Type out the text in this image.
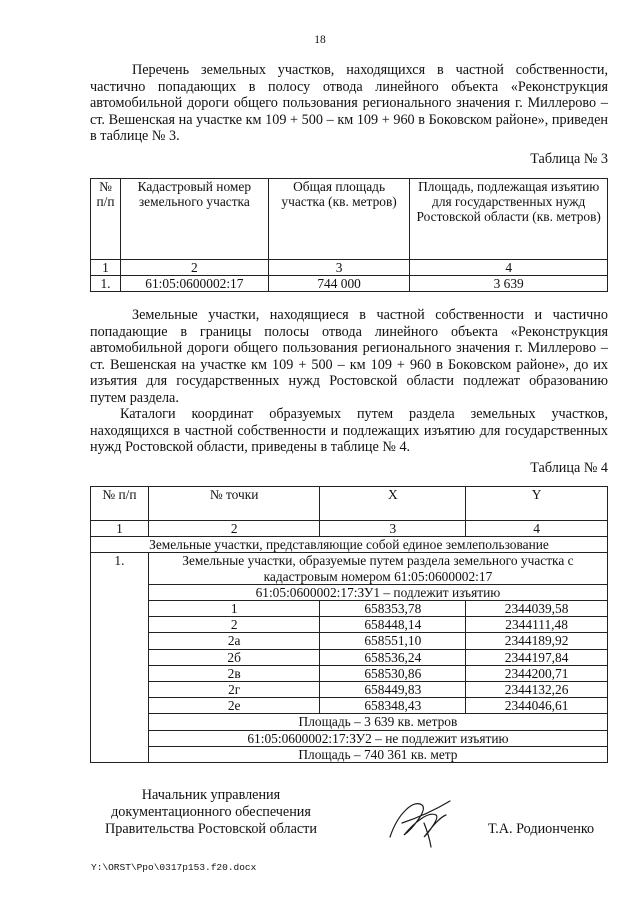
18

Перечень земельных участков, находящихся в частной собственности, частично попадающих в полосу отвода линейного объекта «Реконструкция автомобильной дороги общего пользования регионального значения г. Миллерово – ст. Вешенская на участке км 109 + 500 – км 109 + 960 в Боковском районе», приведен в таблице № 3.

Таблица № 3
№ п/п	Кадастровый номер земельного участка	Общая площадь участка (кв. метров)	Площадь, подлежащая изъятию для государственных нужд Ростовской области (кв. метров)
1	2	3	4
1.	61:05:0600002:17	744 000	3 639

Земельные участки, находящиеся в частной собственности и частично попадающие в границы полосы отвода линейного объекта «Реконструкция автомобильной дороги общего пользования регионального значения г. Миллерово – ст. Вешенская на участке км 109 + 500 – км 109 + 960 в Боковском районе», до их изъятия для государственных нужд Ростовской области подлежат образованию путем раздела.

Каталоги координат образуемых путем раздела земельных участков, находящихся в частной собственности и подлежащих изъятию для государственных нужд Ростовской области, приведены в таблице № 4.

Таблица № 4
№ п/п	№ точки	X	Y
1	2	3	4
Земельные участки, представляющие собой единое землепользование			
1.	Земельные участки, образуемые путем раздела земельного участка с кадастровым номером 61:05:0600002:17		
	61:05:0600002:17:ЗУ1 – подлежит изъятию		
	1	658353,78	2344039,58
	2	658448,14	2344111,48
	2а	658551,10	2344189,92
	2б	658536,24	2344197,84
	2в	658530,86	2344200,71
	2г	658449,83	2344132,26
	2е	658348,43	2344046,61
	Площадь – 3 639 кв. метров		
	61:05:0600002:17:ЗУ2 – не подлежит изъятию		
	Площадь – 740 361 кв. метр		
Начальник управления документационного обеспечения Правительства Ростовской области	Т.А. Родионченко
Y:\ORST\Ppo\0317p153.f20.docx
